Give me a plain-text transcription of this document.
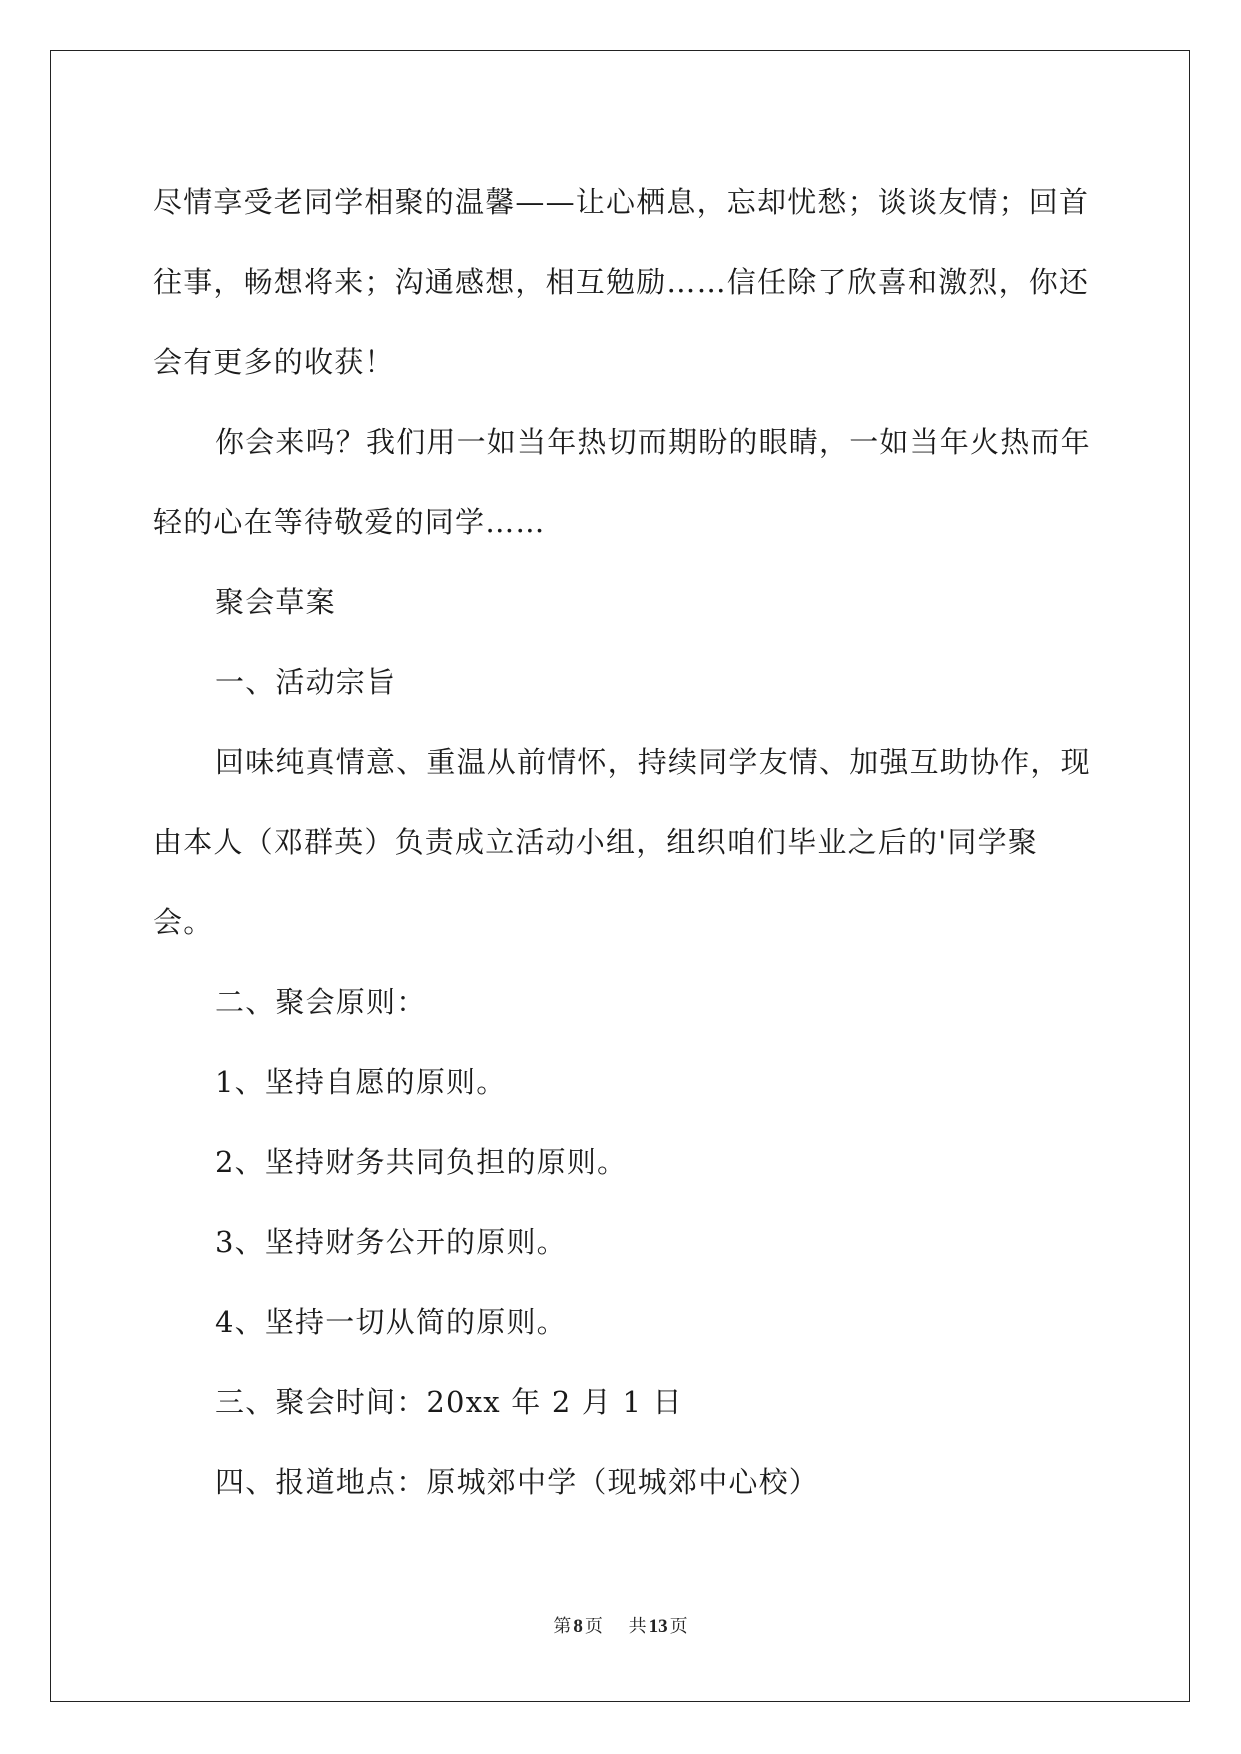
尽情享受老同学相聚的温馨——让心栖息，忘却忧愁；谈谈友情；回首往事，畅想将来；沟通感想，相互勉励……信任除了欣喜和激烈，你还会有更多的收获！

你会来吗？我们用一如当年热切而期盼的眼睛，一如当年火热而年轻的心在等待敬爱的同学……

聚会草案

一、活动宗旨

回味纯真情意、重温从前情怀，持续同学友情、加强互助协作，现由本人（邓群英）负责成立活动小组，组织咱们毕业之后的'同学聚会。

二、聚会原则：

1、坚持自愿的原则。

2、坚持财务共同负担的原则。

3、坚持财务公开的原则。

4、坚持一切从简的原则。

三、聚会时间：20xx 年 2 月 1 日

四、报道地点：原城郊中学（现城郊中心校）

第 8 页 共 13 页
